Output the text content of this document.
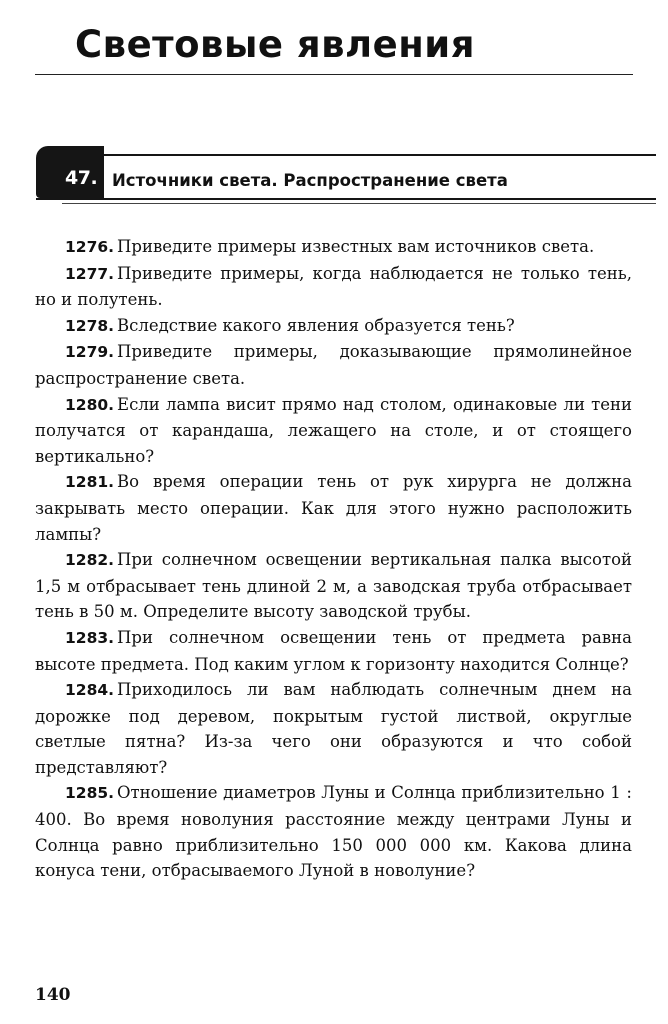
Световые явления
47. Источники света. Распространение света
1276. Приведите примеры известных вам источников света.
1277. Приведите примеры, когда наблюдается не только тень, но и полутень.
1278. Вследствие какого явления образуется тень?
1279. Приведите примеры, доказывающие прямолинейное распространение света.
1280. Если лампа висит прямо над столом, одинаковые ли тени получатся от карандаша, лежащего на столе, и от стоящего вертикально?
1281. Во время операции тень от рук хирурга не должна закрывать место операции. Как для этого нужно расположить лампы?
1282. При солнечном освещении вертикальная палка высотой 1,5 м отбрасывает тень длиной 2 м, а заводская труба отбрасывает тень в 50 м. Определите высоту заводской трубы.
1283. При солнечном освещении тень от предмета равна высоте предмета. Под каким углом к горизонту находится Солнце?
1284. Приходилось ли вам наблюдать солнечным днем на дорожке под деревом, покрытым густой листвой, округлые светлые пятна? Из-за чего они образуются и что собой представляют?
1285. Отношение диаметров Луны и Солнца приблизительно 1 : 400. Во время новолуния расстояние между центрами Луны и Солнца равно приблизительно 150 000 000 км. Какова длина конуса тени, отбрасываемого Луной в новолуние?
140
